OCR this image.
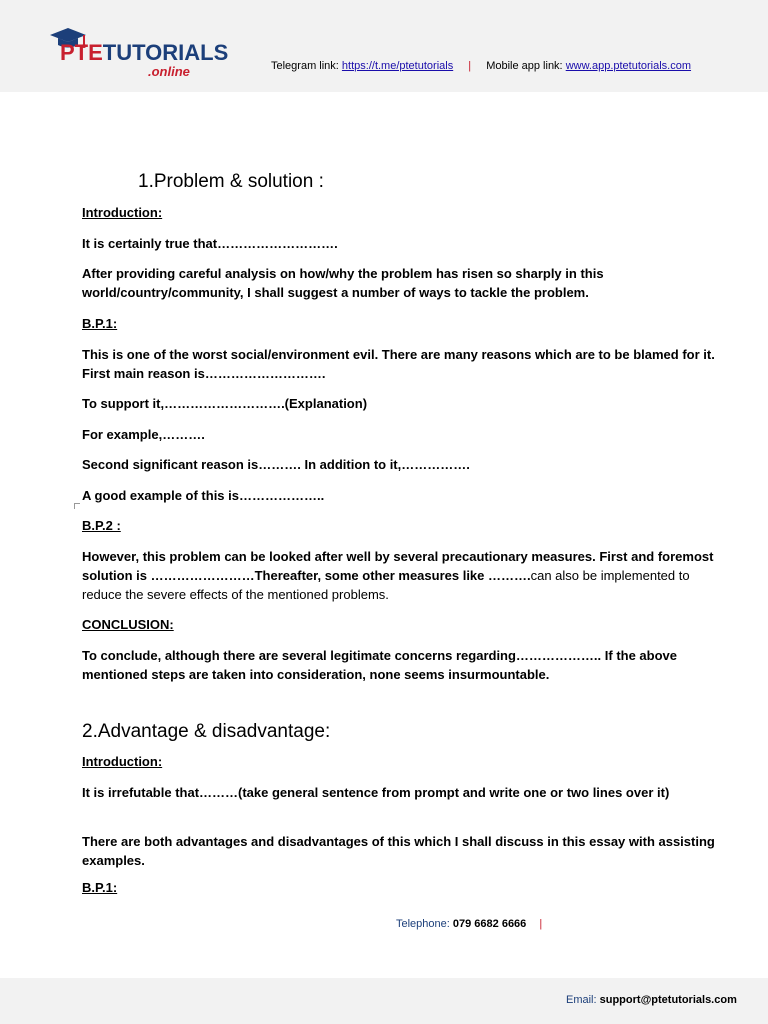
PTETUTORIALS
.online	Telegram link: https://t.me/ptetutorials | Mobile app link: www.app.ptetutorials.com
1.Problem & solution :

Introduction:

It is certainly true that……………………….

After providing careful analysis on how/why the problem has risen so sharply in this world/country/community, I shall suggest a number of ways to tackle the problem.

B.P.1:

This is one of the worst social/environment evil. There are many reasons which are to be blamed for it. First main reason is……………………….

To support it,……………………….(Explanation)

For example,……….

Second significant reason is………. In addition to it,…………….

A good example of this is………………..

B.P.2 :

However, this problem can be looked after well by several precautionary measures. First and foremost solution is ……………………Thereafter, some other measures like ……….can also be implemented to reduce the severe effects of the mentioned problems.

CONCLUSION:

To conclude, although there are several legitimate concerns regarding……………….. If the above mentioned steps are taken into consideration, none seems insurmountable.

2.Advantage & disadvantage:

Introduction:

It is irrefutable that………(take general sentence from prompt and write one or two lines over it)

There are both advantages and disadvantages of this which I shall discuss in this essay with assisting examples.

B.P.1:

Telephone: 079 6682 6666 |
Email: support@ptetutorials.com
